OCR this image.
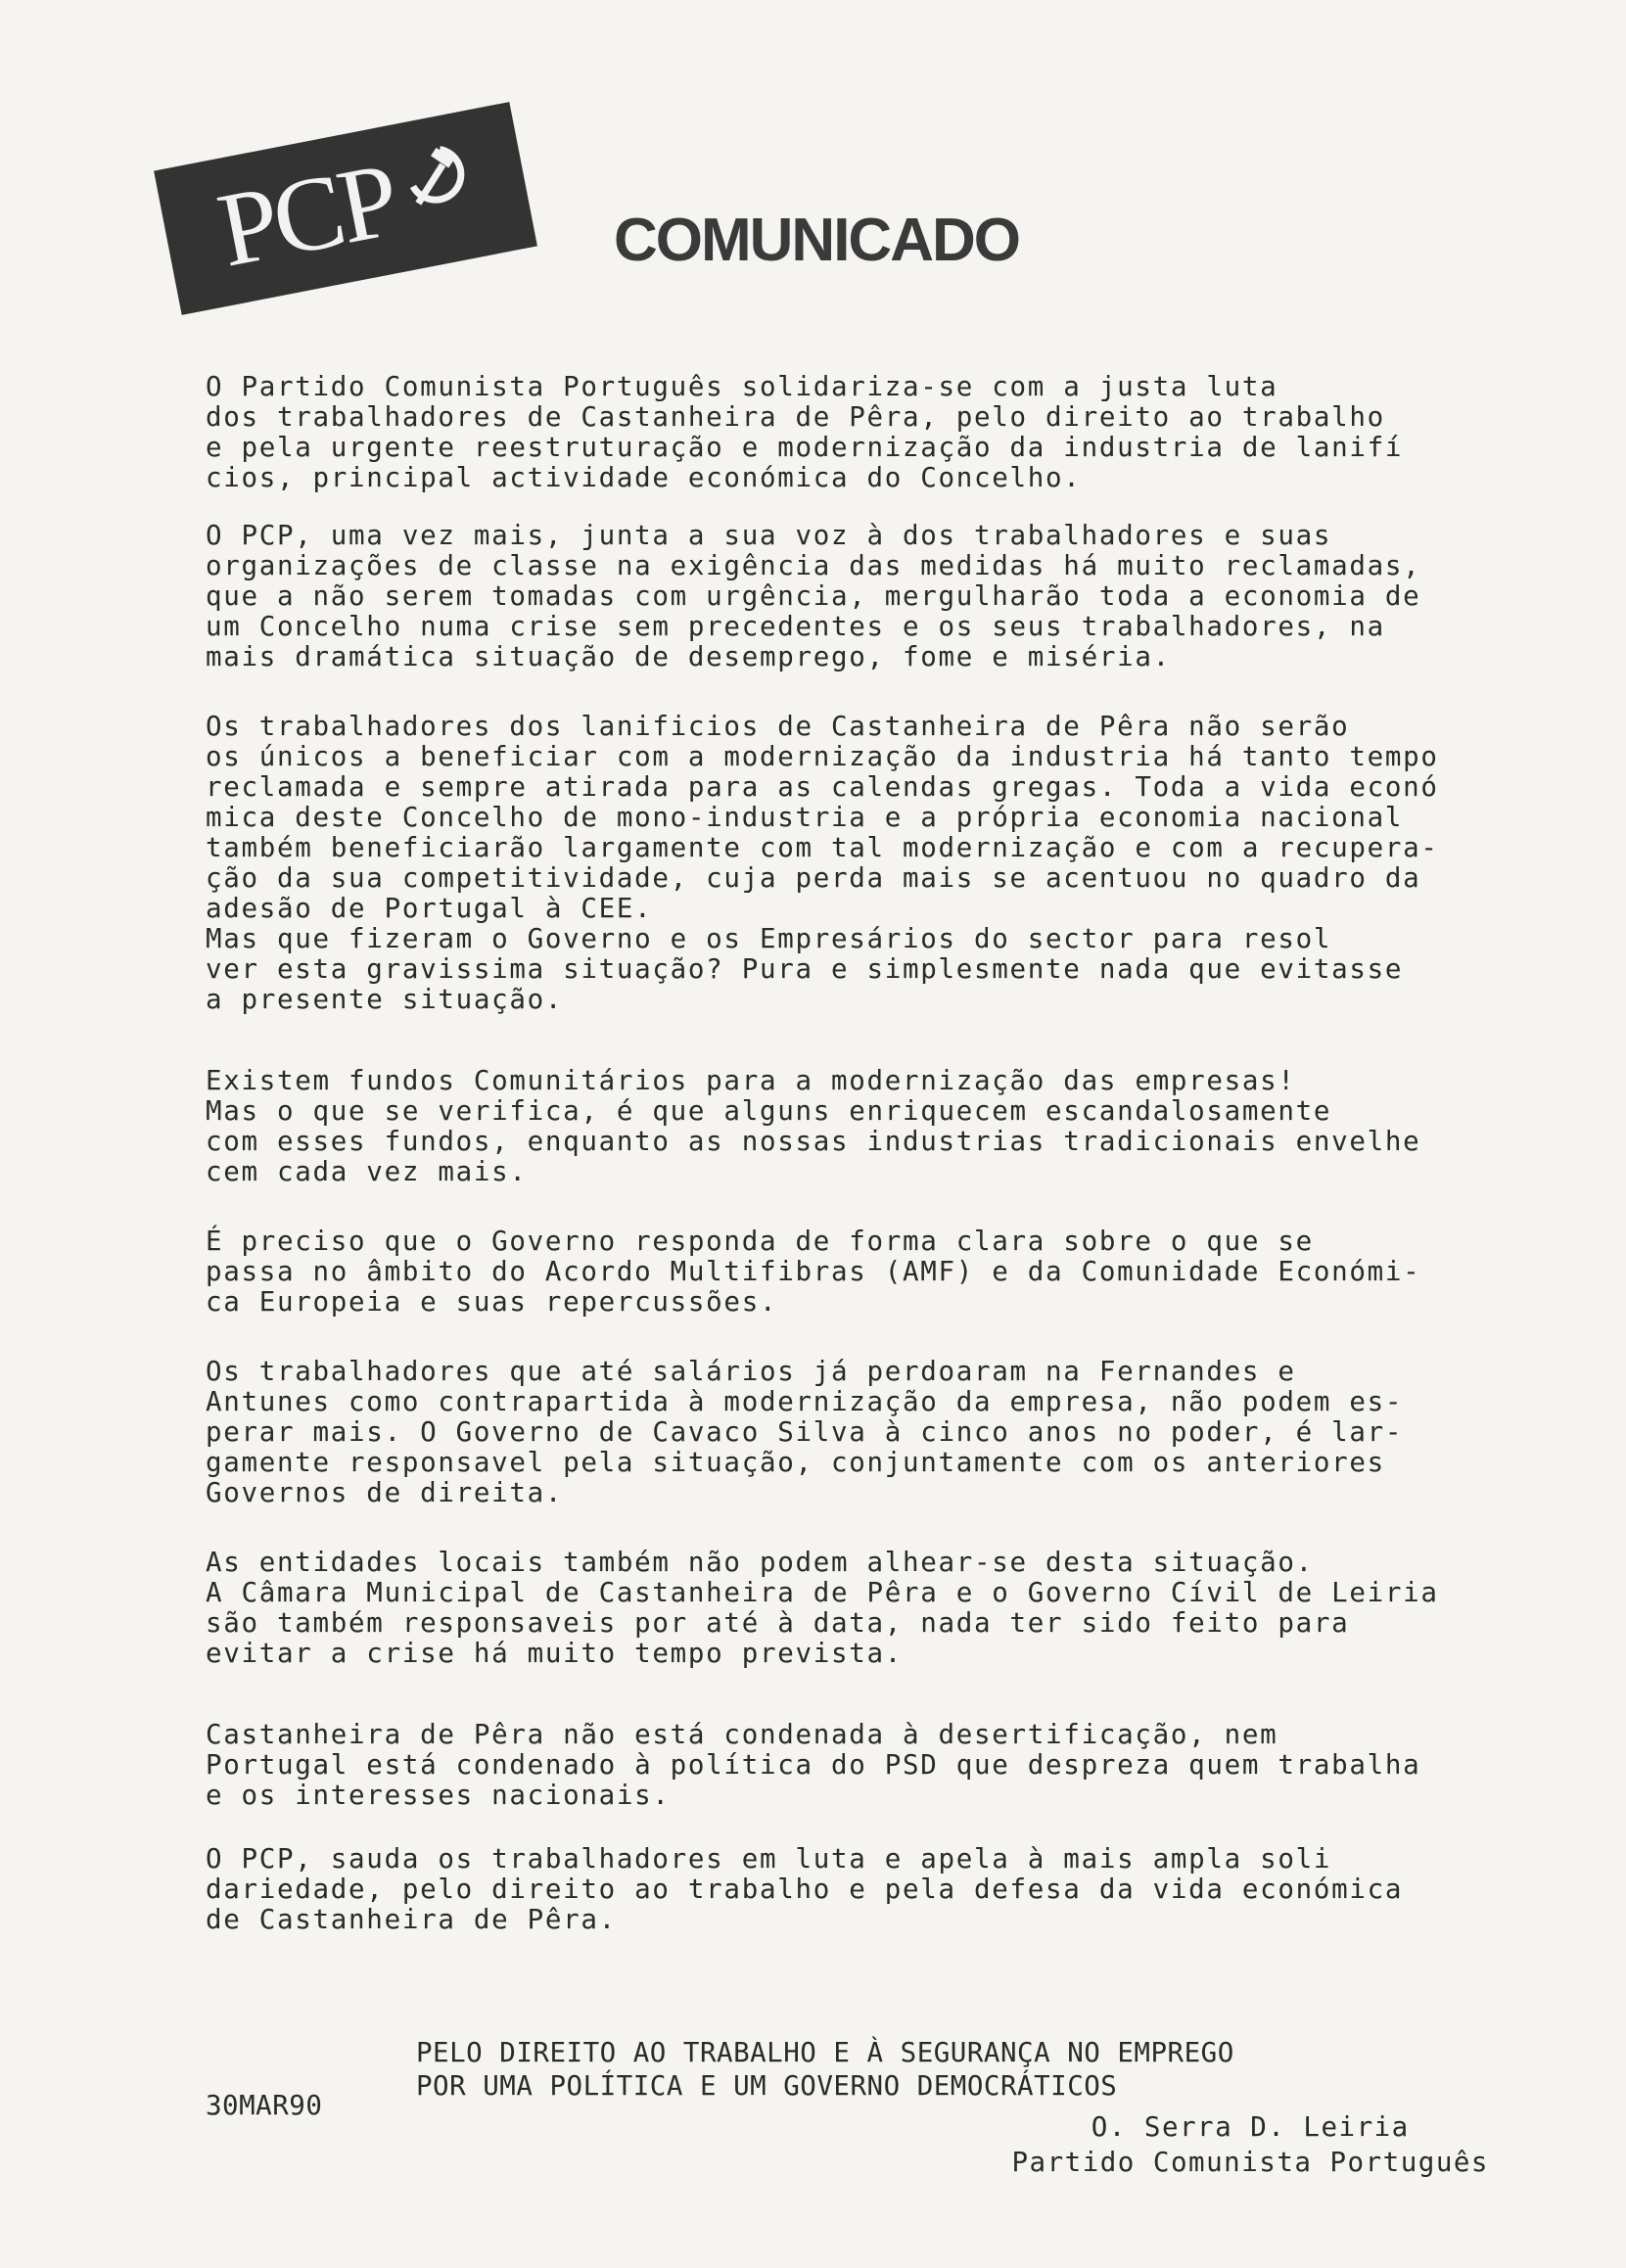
PCP	COMUNICADO

O Partido Comunista Português solidariza-se com a justa luta
dos trabalhadores de Castanheira de Pêra, pelo direito ao trabalho
e pela urgente reestruturação e modernização da industria de lanifí
cios, principal actividade económica do Concelho.

O PCP, uma vez mais, junta a sua voz à dos trabalhadores e suas
organizações de classe na exigência das medidas há muito reclamadas,
que a não serem tomadas com urgência, mergulharão toda a economia de
um Concelho numa crise sem precedentes e os seus trabalhadores, na
mais dramática situação de desemprego, fome e miséria.

Os trabalhadores dos lanificios de Castanheira de Pêra não serão
os únicos a beneficiar com a modernização da industria há tanto tempo
reclamada e sempre atirada para as calendas gregas. Toda a vida econó
mica deste Concelho de mono-industria e a própria economia nacional
também beneficiarão largamente com tal modernização e com a recupera-
ção da sua competitividade, cuja perda mais se acentuou no quadro da
adesão de Portugal à CEE.
Mas que fizeram o Governo e os Empresários do sector para resol
ver esta gravissima situação? Pura e simplesmente nada que evitasse
a presente situação.

Existem fundos Comunitários para a modernização das empresas!
Mas o que se verifica, é que alguns enriquecem escandalosamente
com esses fundos, enquanto as nossas industrias tradicionais envelhe
cem cada vez mais.

É preciso que o Governo responda de forma clara sobre o que se
passa no âmbito do Acordo Multifibras (AMF) e da Comunidade Económi-
ca Europeia e suas repercussões.

Os trabalhadores que até salários já perdoaram na Fernandes e
Antunes como contrapartida à modernização da empresa, não podem es-
perar mais. O Governo de Cavaco Silva à cinco anos no poder, é lar-
gamente responsavel pela situação, conjuntamente com os anteriores
Governos de direita.

As entidades locais também não podem alhear-se desta situação.
A Câmara Municipal de Castanheira de Pêra e o Governo Cívil de Leiria
são também responsaveis por até à data, nada ter sido feito para
evitar a crise há muito tempo prevista.

Castanheira de Pêra não está condenada à desertificação, nem
Portugal está condenado à política do PSD que despreza quem trabalha
e os interesses nacionais.

O PCP, sauda os trabalhadores em luta e apela à mais ampla soli
dariedade, pelo direito ao trabalho e pela defesa da vida económica
de Castanheira de Pêra.

PELO DIREITO AO TRABALHO E À SEGURANÇA NO EMPREGO
POR UMA POLÍTICA E UM GOVERNO DEMOCRÁTICOS
30MAR90
O. Serra D. Leiria
Partido Comunista Português
